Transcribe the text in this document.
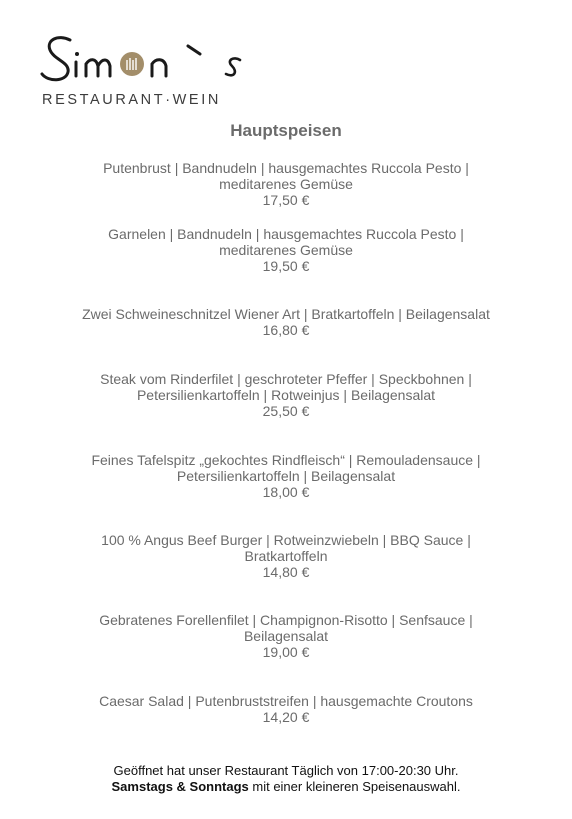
RESTAURANT·WEIN
Hauptspeisen
Putenbrust | Bandnudeln | hausgemachtes Ruccola Pesto |
meditarenes Gemüse
17,50 €
Garnelen | Bandnudeln | hausgemachtes Ruccola Pesto |
meditarenes Gemüse
19,50 €
Zwei Schweineschnitzel Wiener Art | Bratkartoffeln | Beilagensalat
16,80 €
Steak vom Rinderfilet | geschroteter Pfeffer | Speckbohnen |
Petersilienkartoffeln | Rotweinjus | Beilagensalat
25,50 €
Feines Tafelspitz „gekochtes Rindfleisch“ | Remouladensauce |
Petersilienkartoffeln | Beilagensalat
18,00 €
100 % Angus Beef Burger | Rotweinzwiebeln | BBQ Sauce |
Bratkartoffeln
14,80 €
Gebratenes Forellenfilet | Champignon-Risotto | Senfsauce |
Beilagensalat
19,00 €
Caesar Salad | Putenbruststreifen | hausgemachte Croutons
14,20 €
Geöffnet hat unser Restaurant Täglich von 17:00-20:30 Uhr.
Samstags & Sonntags mit einer kleineren Speisenauswahl.
